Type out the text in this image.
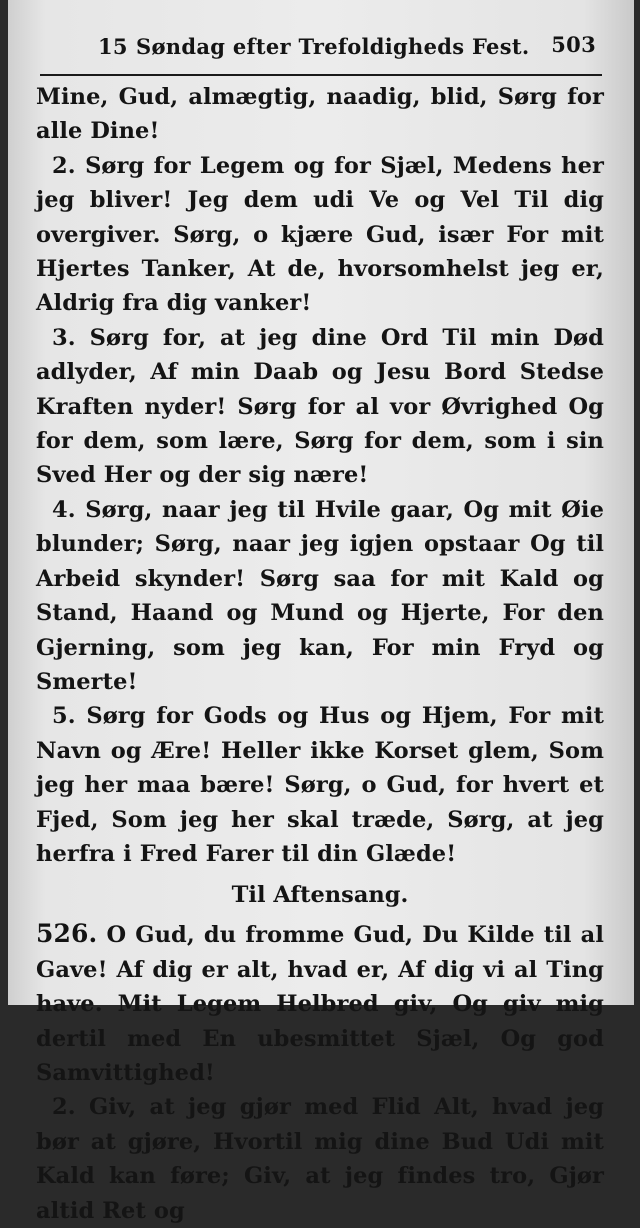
15 Søndag efter Trefoldigheds Fest. 503

Mine, Gud, almægtig, naadig, blid, Sørg for alle Dine!

2. Sørg for Legem og for Sjæl, Medens her jeg bliver! Jeg dem udi Ve og Vel Til dig overgiver. Sørg, o kjære Gud, især For mit Hjertes Tanker, At de, hvorsomhelst jeg er, Aldrig fra dig vanker!

3. Sørg for, at jeg dine Ord Til min Død adlyder, Af min Daab og Jesu Bord Stedse Kraften nyder! Sørg for al vor Øvrighed Og for dem, som lære, Sørg for dem, som i sin Sved Her og der sig nære!

4. Sørg, naar jeg til Hvile gaar, Og mit Øie blunder; Sørg, naar jeg igjen opstaar Og til Arbeid skynder! Sørg saa for mit Kald og Stand, Haand og Mund og Hjerte, For den Gjerning, som jeg kan, For min Fryd og Smerte!

5. Sørg for Gods og Hus og Hjem, For mit Navn og Ære! Heller ikke Korset glem, Som jeg her maa bære! Sørg, o Gud, for hvert et Fjed, Som jeg her skal træde, Sørg, at jeg herfra i Fred Farer til din Glæde!

Til Aftensang.

526. O Gud, du fromme Gud, Du Kilde til al Gave! Af dig er alt, hvad er, Af dig vi al Ting have. Mit Legem Helbred giv, Og giv mig dertil med En ubesmittet Sjæl, Og god Samvittighed!

2. Giv, at jeg gjør med Flid Alt, hvad jeg bør at gjøre, Hvortil mig dine Bud Udi mit Kald kan føre; Giv, at jeg findes tro, Gjør altid Ret og
